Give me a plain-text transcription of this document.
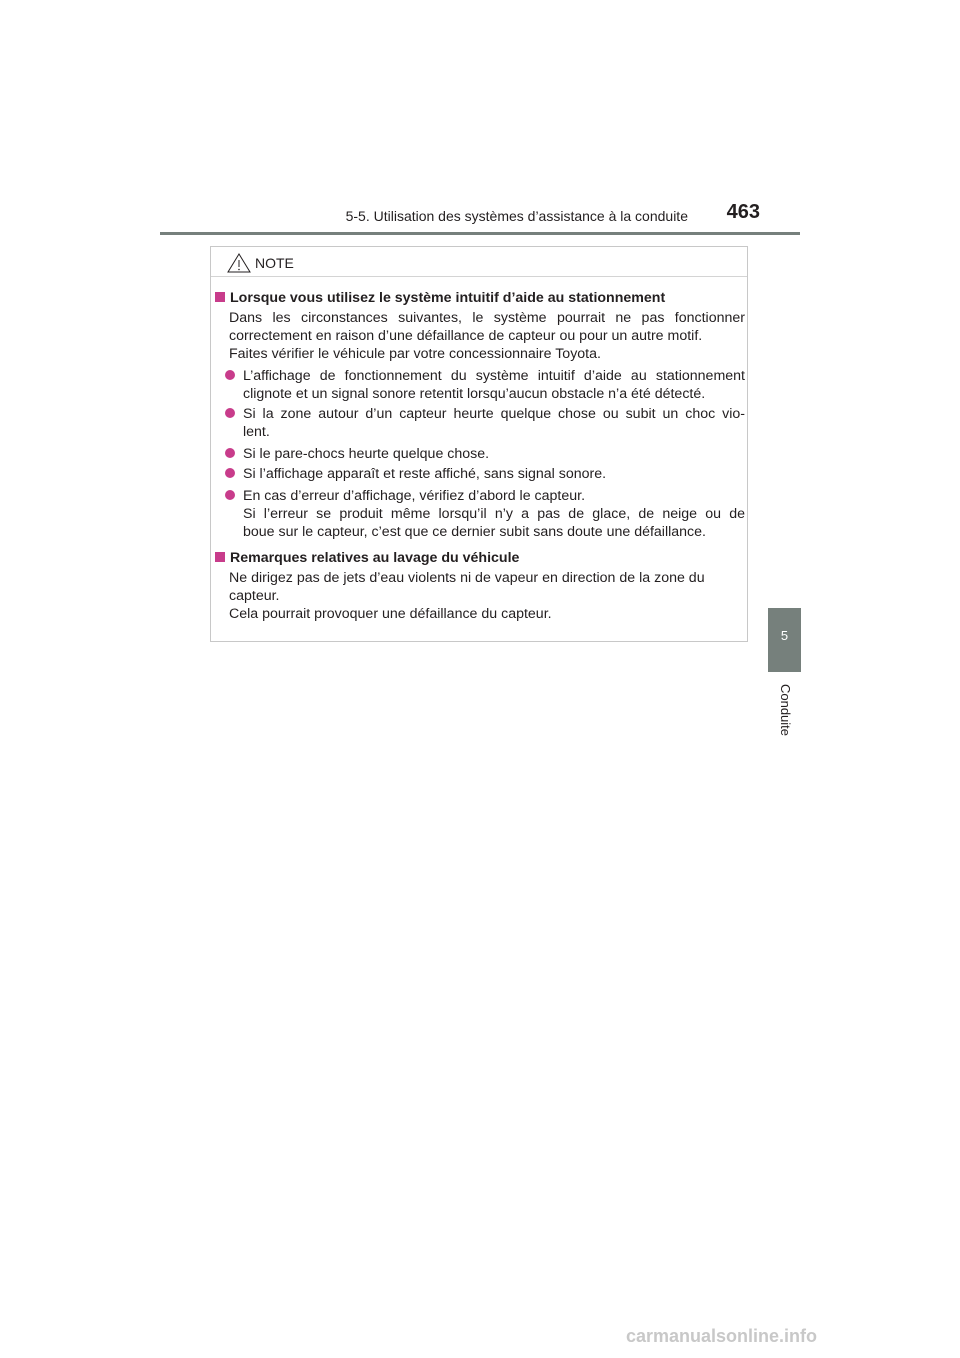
5-5. Utilisation des systèmes d’assistance à la conduite	463
5
Conduite
NOTE
Lorsque vous utilisez le système intuitif d’aide au stationnement
Dans les circonstances suivantes, le système pourrait ne pas fonctionner
correctement en raison d’une défaillance de capteur ou pour un autre motif.
Faites vérifier le véhicule par votre concessionnaire Toyota.
L’affichage de fonctionnement du système intuitif d’aide au stationnement
clignote et un signal sonore retentit lorsqu’aucun obstacle n’a été détecté.
Si la zone autour d’un capteur heurte quelque chose ou subit un choc vio-
lent.
Si le pare-chocs heurte quelque chose.
Si l’affichage apparaît et reste affiché, sans signal sonore.
En cas d’erreur d’affichage, vérifiez d’abord le capteur.
Si l’erreur se produit même lorsqu’il n’y a pas de glace, de neige ou de
boue sur le capteur, c’est que ce dernier subit sans doute une défaillance.
Remarques relatives au lavage du véhicule
Ne dirigez pas de jets d’eau violents ni de vapeur en direction de la zone du
capteur.
Cela pourrait provoquer une défaillance du capteur.
carmanualsonline.info
